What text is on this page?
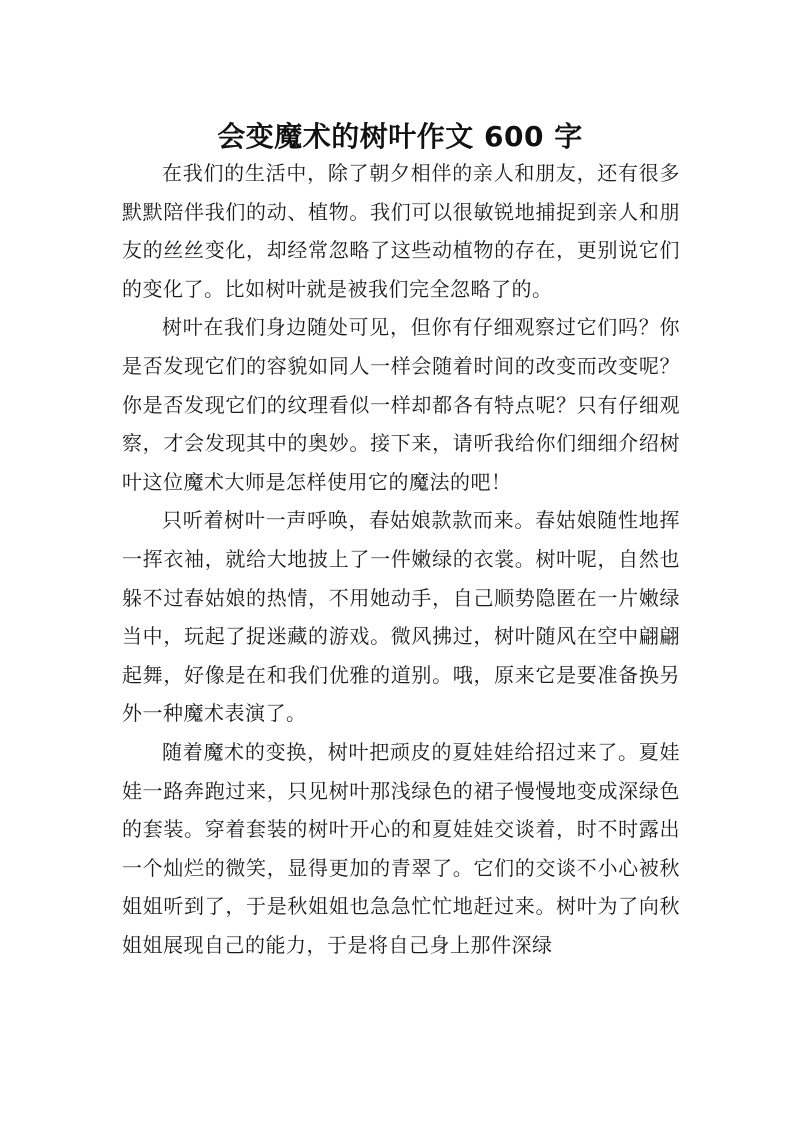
会变魔术的树叶作文 600 字

在我们的生活中，除了朝夕相伴的亲人和朋友，还有很多默默陪伴我们的动、植物。我们可以很敏锐地捕捉到亲人和朋友的丝丝变化，却经常忽略了这些动植物的存在，更别说它们的变化了。比如树叶就是被我们完全忽略了的。

树叶在我们身边随处可见，但你有仔细观察过它们吗？你是否发现它们的容貌如同人一样会随着时间的改变而改变呢？你是否发现它们的纹理看似一样却都各有特点呢？只有仔细观察，才会发现其中的奥妙。接下来，请听我给你们细细介绍树叶这位魔术大师是怎样使用它的魔法的吧！

只听着树叶一声呼唤，春姑娘款款而来。春姑娘随性地挥一挥衣袖，就给大地披上了一件嫩绿的衣裳。树叶呢，自然也躲不过春姑娘的热情，不用她动手，自己顺势隐匿在一片嫩绿当中，玩起了捉迷藏的游戏。微风拂过，树叶随风在空中翩翩起舞，好像是在和我们优雅的道别。哦，原来它是要准备换另外一种魔术表演了。

随着魔术的变换，树叶把顽皮的夏娃娃给招过来了。夏娃娃一路奔跑过来，只见树叶那浅绿色的裙子慢慢地变成深绿色的套装。穿着套装的树叶开心的和夏娃娃交谈着，时不时露出一个灿烂的微笑，显得更加的青翠了。它们的交谈不小心被秋姐姐听到了，于是秋姐姐也急急忙忙地赶过来。树叶为了向秋姐姐展现自己的能力，于是将自己身上那件深绿
